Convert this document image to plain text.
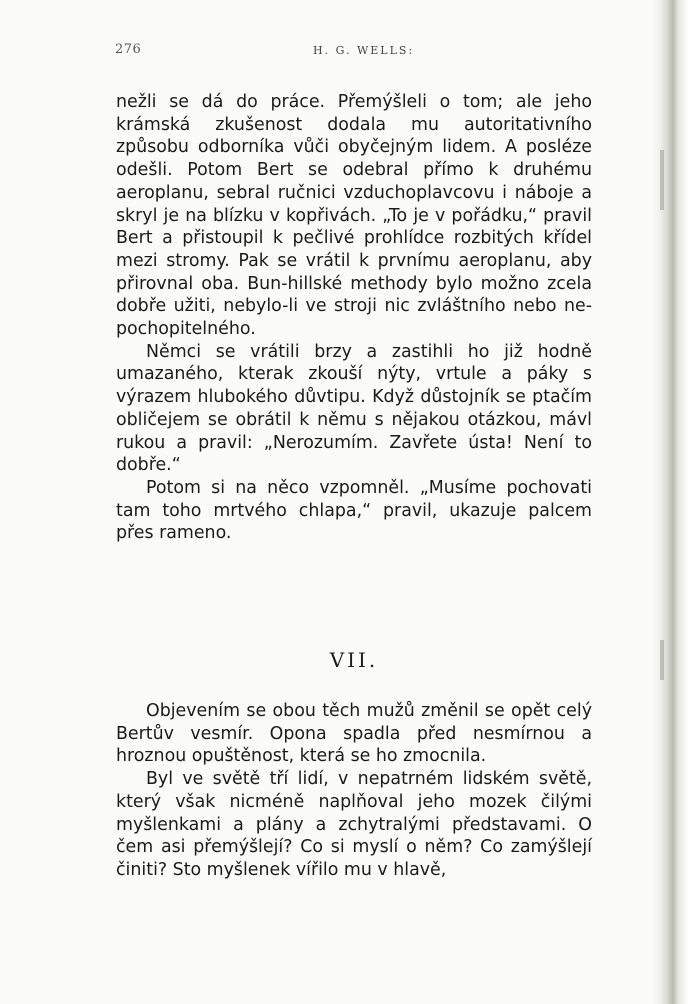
276	H. G. WELLS:

nežli se dá do práce. Přemýšleli o tom; ale jeho krámská zkušenost dodala mu autoritativního způsobu odborníka vůči obyčejným lidem. A posléze odešli. Potom Bert se odebral přímo k druhému aeroplanu, sebral ručnici vzduchoplavcovu i náboje a skryl je na blízku v kopřivách. „To je v pořádku,“ pravil Bert a přistoupil k pečlivé prohlídce rozbitých křídel mezi stromy. Pak se vrátil k prvnímu aeroplanu, aby přirovnal oba. Bun-hillské methody bylo možno zcela dobře užiti, nebylo-li ve stroji nic zvláštního nebo nepochopitelného.

Němci se vrátili brzy a zastihli ho již hodně umazaného, kterak zkouší nýty, vrtule a páky s výrazem hlubokého důvtipu. Když důstojník se ptačím obličejem se obrátil k němu s nějakou otázkou, mávl rukou a pravil: „Nerozumím. Zavřete ústa! Není to dobře.“

Potom si na něco vzpomněl. „Musíme pochovati tam toho mrtvého chlapa,“ pravil, ukazuje palcem přes rameno.

VII.

Objevením se obou těch mužů změnil se opět celý Bertův vesmír. Opona spadla před nesmírnou a hroznou opuštěnost, která se ho zmocnila.

Byl ve světě tří lidí, v nepatrném lidském světě, který však nicméně naplňoval jeho mozek čilými myšlenkami a plány a zchytralými představami. O čem asi přemýšlejí? Co si myslí o něm? Co zamýšlejí činiti? Sto myšlenek vířilo mu v hlavě,
